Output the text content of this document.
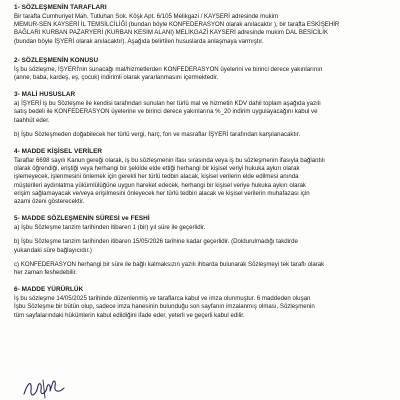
1- SÖZLEŞMENİN TARAFLARI

Bir tarafta Cumhuriyet Mah. Tutluhan Sok. Köşk Apt. 6/105 Melikgazi / KAYSERİ adresinde mukim
MEMUR-SEN KAYSERİ İL TEMSİLCİLİĞİ (bundan böyle KONFEDERASYON olarak anılacaktır ), bir tarafta ESKİŞEHİR
BAĞLARI KURBAN PAZARYERİ (KURBAN KESİM ALANI) MELİKGAZİ KAYSERİ adresinde mukim DAL BESİCİLİK
(bundan böyle İŞYERİ olarak anılacaktır). Aşağıda belirtilen hususlarda anlaşmaya varmıştır.

2- SÖZLEŞMENİN KONUSU

İş bu sözleşme, İŞYERİ'nin sunacağı mal/hizmetlerden KONFEDERASYON üyelerini ve birinci derece yakınlarının
(anne, baba, kardeş, eş, çocuk) indirimli olarak yararlanmasını içermektedir.

3- MALİ HUSUSLAR

a) İŞYERİ iş bu Sözleşme ile kendisi tarafından sunulan her türlü mal ve hizmetin KDV dahil toplam aşağıda yazılı
satış bedeli ile KONFEDERASYON üyelerine ve birinci derece yakınlarına %_20 indirim uygulayacağını kabul ve
taahhüt eder.

b) İşbu Sözleşmeden doğabilecek her türlü vergi, harç, fon ve masraflar İŞYERİ tarafından karşılanacaktır.

4- MADDE KİŞİSEL VERİLER

Taraflar 6698 sayılı Kanun gereği olarak, iş bu sözleşmenin ifası sırasında veya iş bu sözleşmenin ifasıyla bağlantılı
olarak öğrendiği, eriştiği veya herhangi bir şekilde elde ettiği herhangi bir kişisel veriyi hukuka aykırı olarak
işlemeyecek, işlenmesini önlemek için gerekli her türlü tedbiri alacak, kişisel verilerin elde edilmesi anında
müşterileri aydınlatma yükümlülüğüne uygun hareket edecek, herhangi bir kişisel veriye hukuka aykırı olarak
erişim sağlamayacak ve/veya erişilmesini önleyecek her türlü tedbiri alacak ve kişisel verilerin muhafazası için
azami özeni gösterecektir.

5- MADDE SÖZLEŞMENİN SÜRESİ ve FESHİ

a) İşbu Sözleşme tanzim tarihinden itibaren 1 (bir) yıl süre ile geçerlidir.

b) İşbu Sözleşme tanzim tarihinden itibaren 15/05/2026 tarihine kadar geçerlidir. (Doldurulmadığı takdirde
yukarıdaki süre bağlayıcıdır.)

c) KONFEDERASYON herhangi bir süre ile bağlı kalmaksızın yazılı ihbarda bulunarak Sözleşmeyi tek taraflı olarak
her zaman feshedebilir.

6- MADDE YÜRÜRLÜK

İş bu sözleşme 14/05/2025 tarihinde düzenlenmiş ve taraflarca kabul ve imza olunmuştur. 6 maddeden oluşan
İşbu Sözleşme bir bütün olup, sadece imza hanesinin bulunduğu son sayfanın imzalanmış olması, Sözleşmenin
tüm sayfalarındaki hükümlerin kabul edildiğini ifade eder, yeterli ve geçerli kabul edilir.
